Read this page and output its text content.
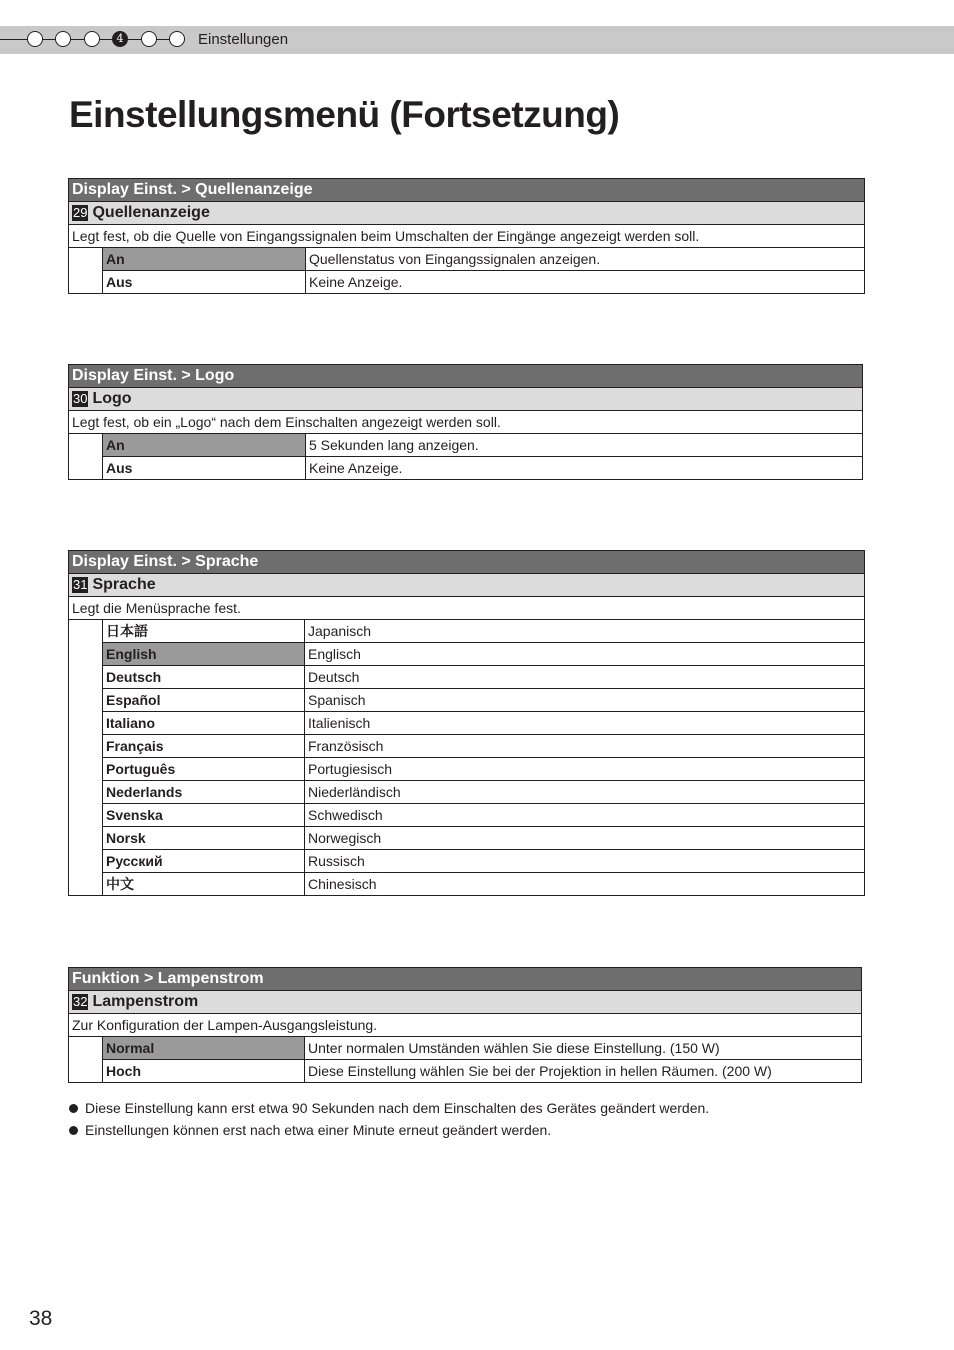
4	Einstellungen
Einstellungsmenü (Fortsetzung)
Display Einst. > Quellenanzeige		
29 Quellenanzeige		
Legt fest, ob die Quelle von Eingangssignalen beim Umschalten der Eingänge angezeigt werden soll.		
	An	Quellenstatus von Eingangssignalen anzeigen.
	Aus	Keine Anzeige.
Display Einst. > Logo		
30 Logo		
Legt fest, ob ein „Logo“ nach dem Einschalten angezeigt werden soll.		
	An	5 Sekunden lang anzeigen.
	Aus	Keine Anzeige.
Display Einst. > Sprache		
31 Sprache		
Legt die Menüsprache fest.		
	日本語	Japanisch
	English	Englisch
	Deutsch	Deutsch
	Español	Spanisch
	Italiano	Italienisch
	Français	Französisch
	Português	Portugiesisch
	Nederlands	Niederländisch
	Svenska	Schwedisch
	Norsk	Norwegisch
	Русский	Russisch
	中文	Chinesisch
Funktion > Lampenstrom		
32 Lampenstrom		
Zur Konfiguration der Lampen-Ausgangsleistung.		
	Normal	Unter normalen Umständen wählen Sie diese Einstellung. (150 W)
	Hoch	Diese Einstellung wählen Sie bei der Projektion in hellen Räumen. (200 W)
Diese Einstellung kann erst etwa 90 Sekunden nach dem Einschalten des Gerätes geändert werden.
Einstellungen können erst nach etwa einer Minute erneut geändert werden.
38
